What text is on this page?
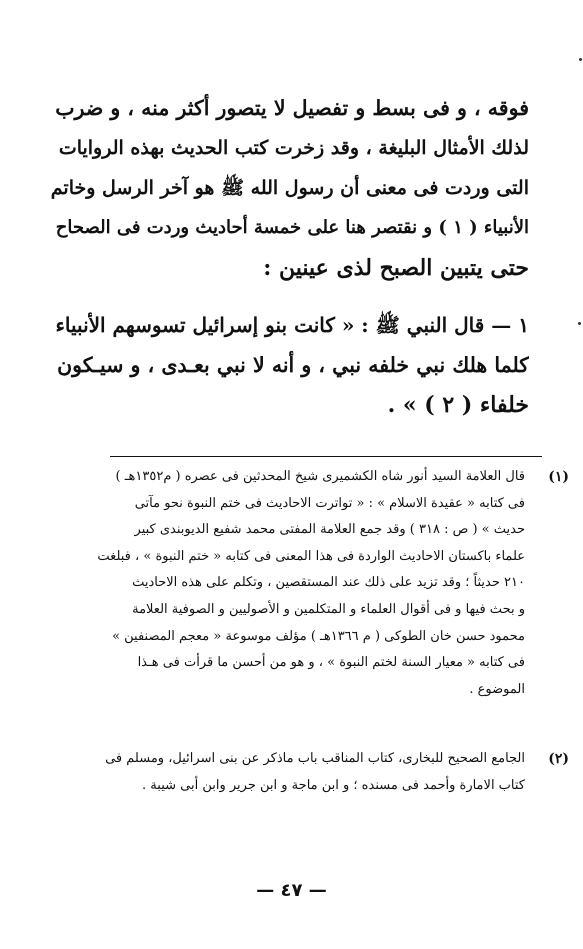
فوقه ، و فى بسط و تفصيل لا يتصور أكثر منه ، و ضرب
لذلك الأمثال البليغة ، وقد زخرت كتب الحديث بهذه الروايات
التى وردت فى معنى أن رسول الله ﷺ هو آخر الرسل وخاتم
الأنبياء ( ١ ) و نقتصر هنا على خمسة أحاديث وردت فى الصحاح
حتى يتبين الصبح لذى عينين :
١ — قال النبي ﷺ : « كانت بنو إسرائيل تسوسهم الأنبياء
كلما هلك نبي خلفه نبي ، و أنه لا نبي بعـدى ، و سيـكون
خلفاء ( ٢ ) » .
(١)
قال العلامة السيد أنور شاه الكشميرى شيخ المحدثين فى عصره ( م١٣٥٢هـ )
فى كتابه « عقيدة الاسلام » : « تواترت الاحاديث فى ختم النبوة نحو مآتى
حديث » ( ص : ٣١٨ ) وقد جمع العلامة المفتى محمد شفيع الديوبندى كبير
علماء باكستان الاحاديث الواردة فى هذا المعنى فى كتابه « ختم النبوة » ، فبلغت
٢١٠ حديثاً ؛ وقد تزيد على ذلك عند المستقصين ، وتكلم على هذه الاحاديث
و بحث فيها و فى أقوال العلماء و المتكلمين و الأصوليين و الصوفية العلامة
محمود حسن خان الطوكى ( م ١٣٦٦هـ ) مؤلف موسوعة « معجم المصنفين »
فى كتابه « معيار السنة لختم النبوة » ، و هو من أحسن ما قرأت فى هـذا
الموضوع .
(٢)
الجامع الصحيح للبخارى، كتاب المناقب باب ماذكر عن بنى اسرائيل، ومسلم فى
كتاب الامارة وأحمد فى مسنده ؛ و ابن ماجة و ابن جرير وابن أبى شيبة .
— ٤٧ —
